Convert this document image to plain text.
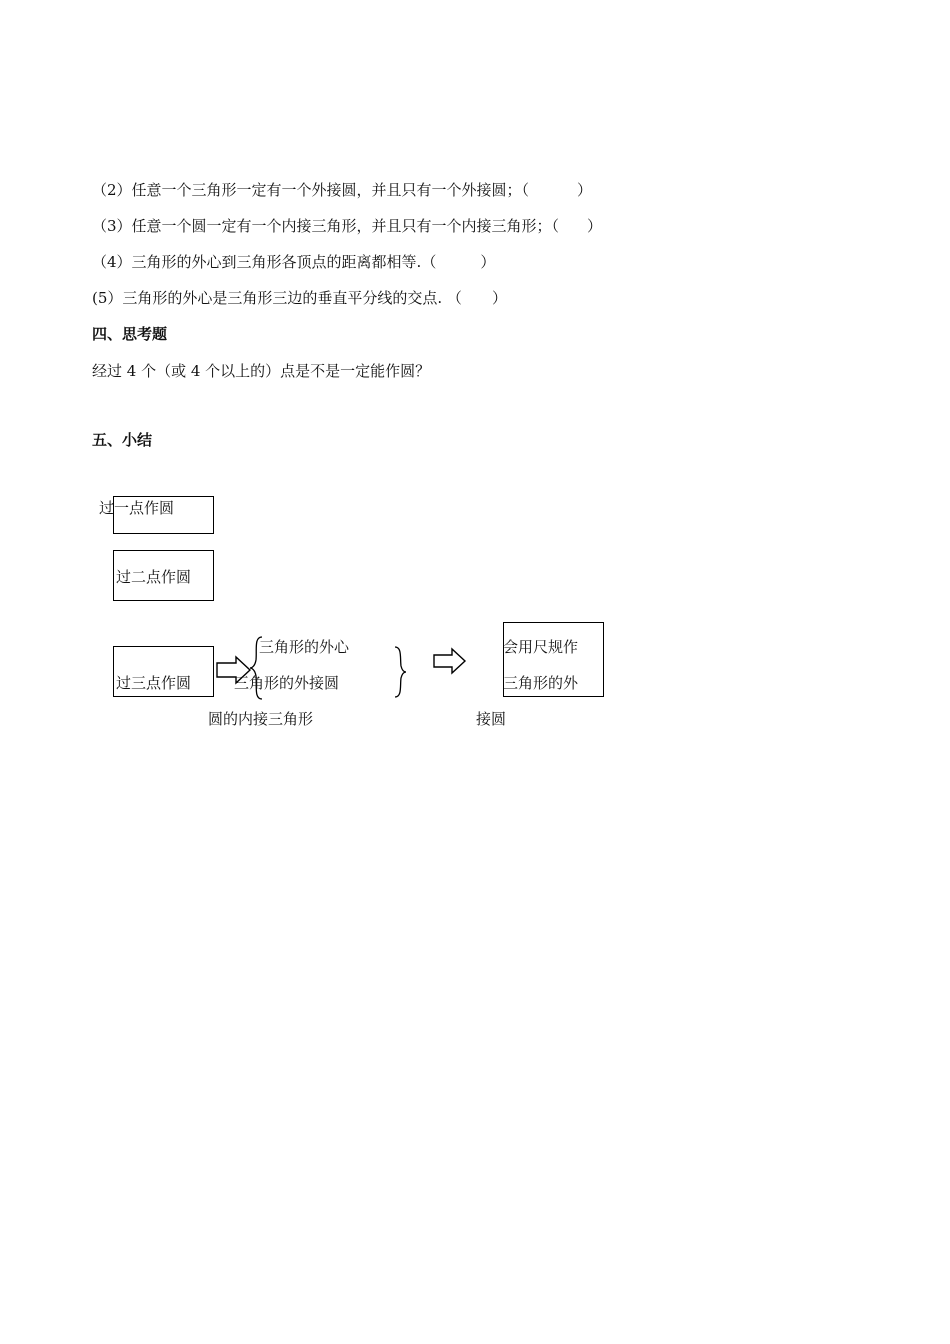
（2）任意一个三角形一定有一个外接圆，并且只有一个外接圆；（	）
（3）任意一个圆一定有一个内接三角形，并且只有一个内接三角形；（ ）
（4）三角形的外心到三角形各顶点的距离都相等.（	）
(5）三角形的外心是三角形三边的垂直平分线的交点. （ ）
四、思考题
经过 4 个（或 4 个以上的）点是不是一定能作圆？
五、小结
过一点作圆
过二点作圆
过三点作圆
三角形的外心
三角形的外接圆
圆的内接三角形
会用尺规作
三角形的外
接圆
